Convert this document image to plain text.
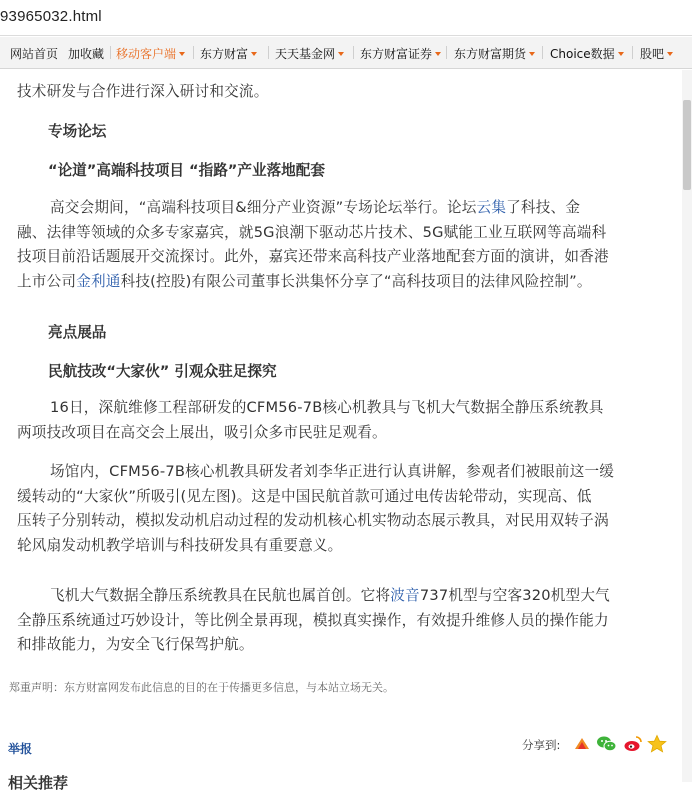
93965032.html
网站首页 加收藏 移动客户端	东方财富	天天基金网	东方财富证券	东方财富期货	Choice数据	股吧
技术研发与合作进行深入研讨和交流。
专场论坛
“论道”高端科技项目 “指路”产业落地配套
高交会期间，“高端科技项目&细分产业资源”专场论坛举行。论坛云集了科技、金
融、法律等领域的众多专家嘉宾，就5G浪潮下驱动芯片技术、5G赋能工业互联网等高端科
技项目前沿话题展开交流探讨。此外，嘉宾还带来高科技产业落地配套方面的演讲，如香港
上市公司金利通科技(控股)有限公司董事长洪集怀分享了“高科技项目的法律风险控制”。
亮点展品
民航技改“大家伙” 引观众驻足探究
16日，深航维修工程部研发的CFM56-7B核心机教具与飞机大气数据全静压系统教具
两项技改项目在高交会上展出，吸引众多市民驻足观看。
场馆内，CFM56-7B核心机教具研发者刘李华正进行认真讲解，参观者们被眼前这一缓
缓转动的“大家伙”所吸引(见左图)。这是中国民航首款可通过电传齿轮带动，实现高、低
压转子分别转动，模拟发动机启动过程的发动机核心机实物动态展示教具，对民用双转子涡
轮风扇发动机教学培训与科技研发具有重要意义。
飞机大气数据全静压系统教具在民航也属首创。它将波音737机型与空客320机型大气
全静压系统通过巧妙设计，等比例全景再现，模拟真实操作，有效提升维修人员的操作能力
和排故能力，为安全飞行保驾护航。
郑重声明：东方财富网发布此信息的目的在于传播更多信息，与本站立场无关。
举报	分享到:
相关推荐
